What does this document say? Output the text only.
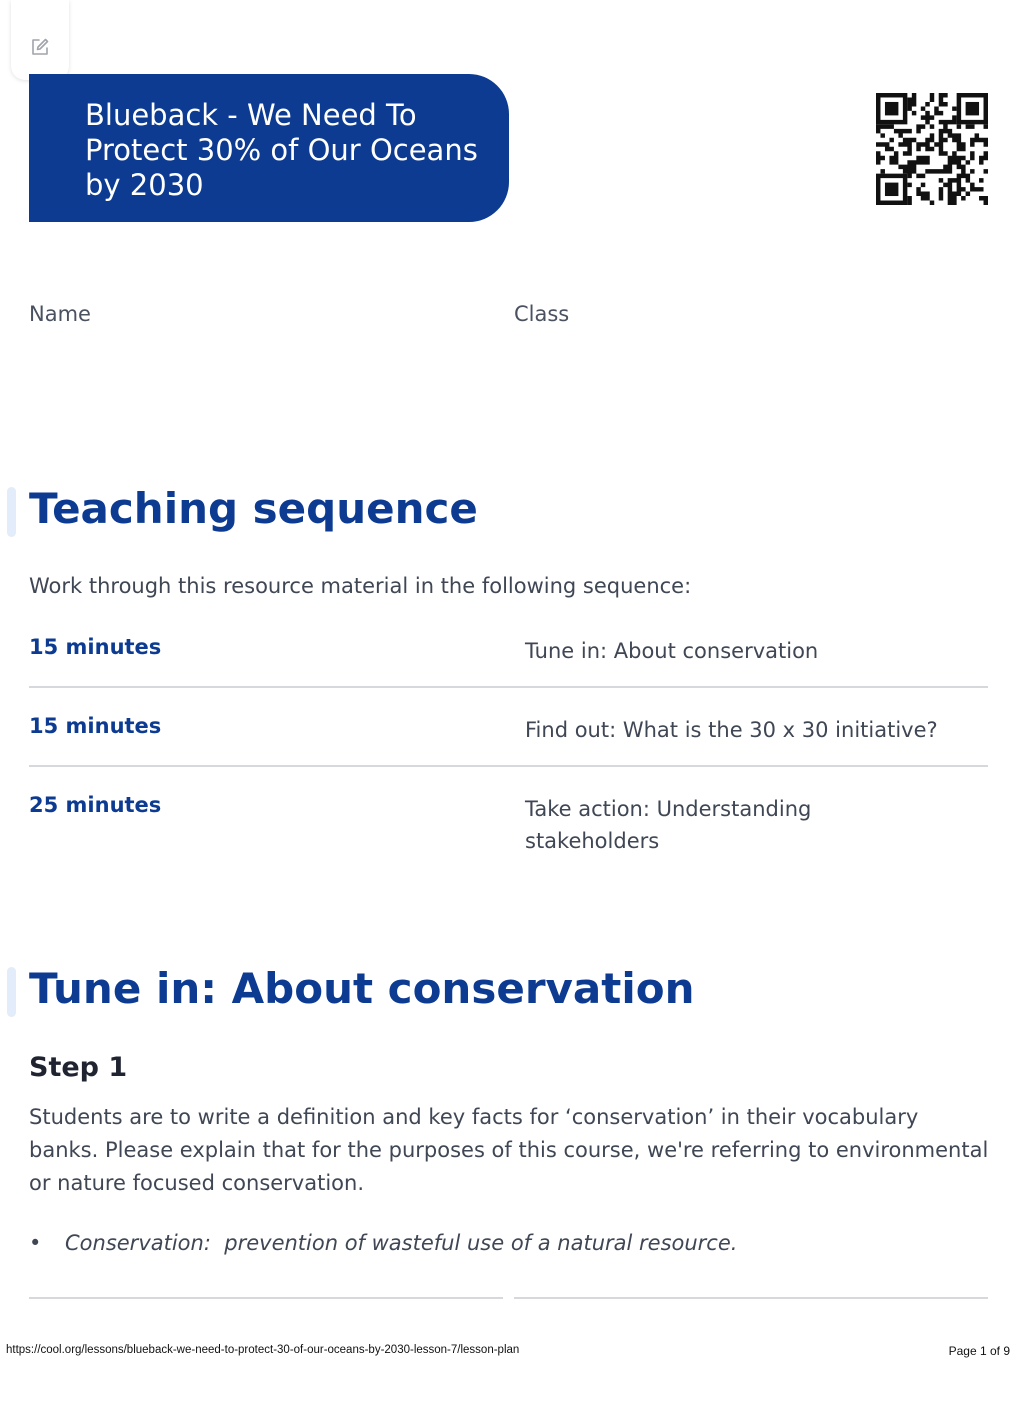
Blueback - We Need To Protect 30% of Our Oceans by 2030
Name	Class
Teaching sequence

Work through this resource material in the following sequence:

15 minutes	Tune in: About conservation
15 minutes	Find out: What is the 30 x 30 initiative?
25 minutes	Take action: Understanding stakeholders
Tune in: About conservation
Step 1

Students are to write a definition and key facts for ‘conservation’ in their vocabulary banks. Please explain that for the purposes of this course, we're referring to environmental or nature focused conservation.

• Conservation:  prevention of wasteful use of a natural resource.
https://cool.org/lessons/blueback-we-need-to-protect-30-of-our-oceans-by-2030-lesson-7/lesson-plan	Page 1 of 9
